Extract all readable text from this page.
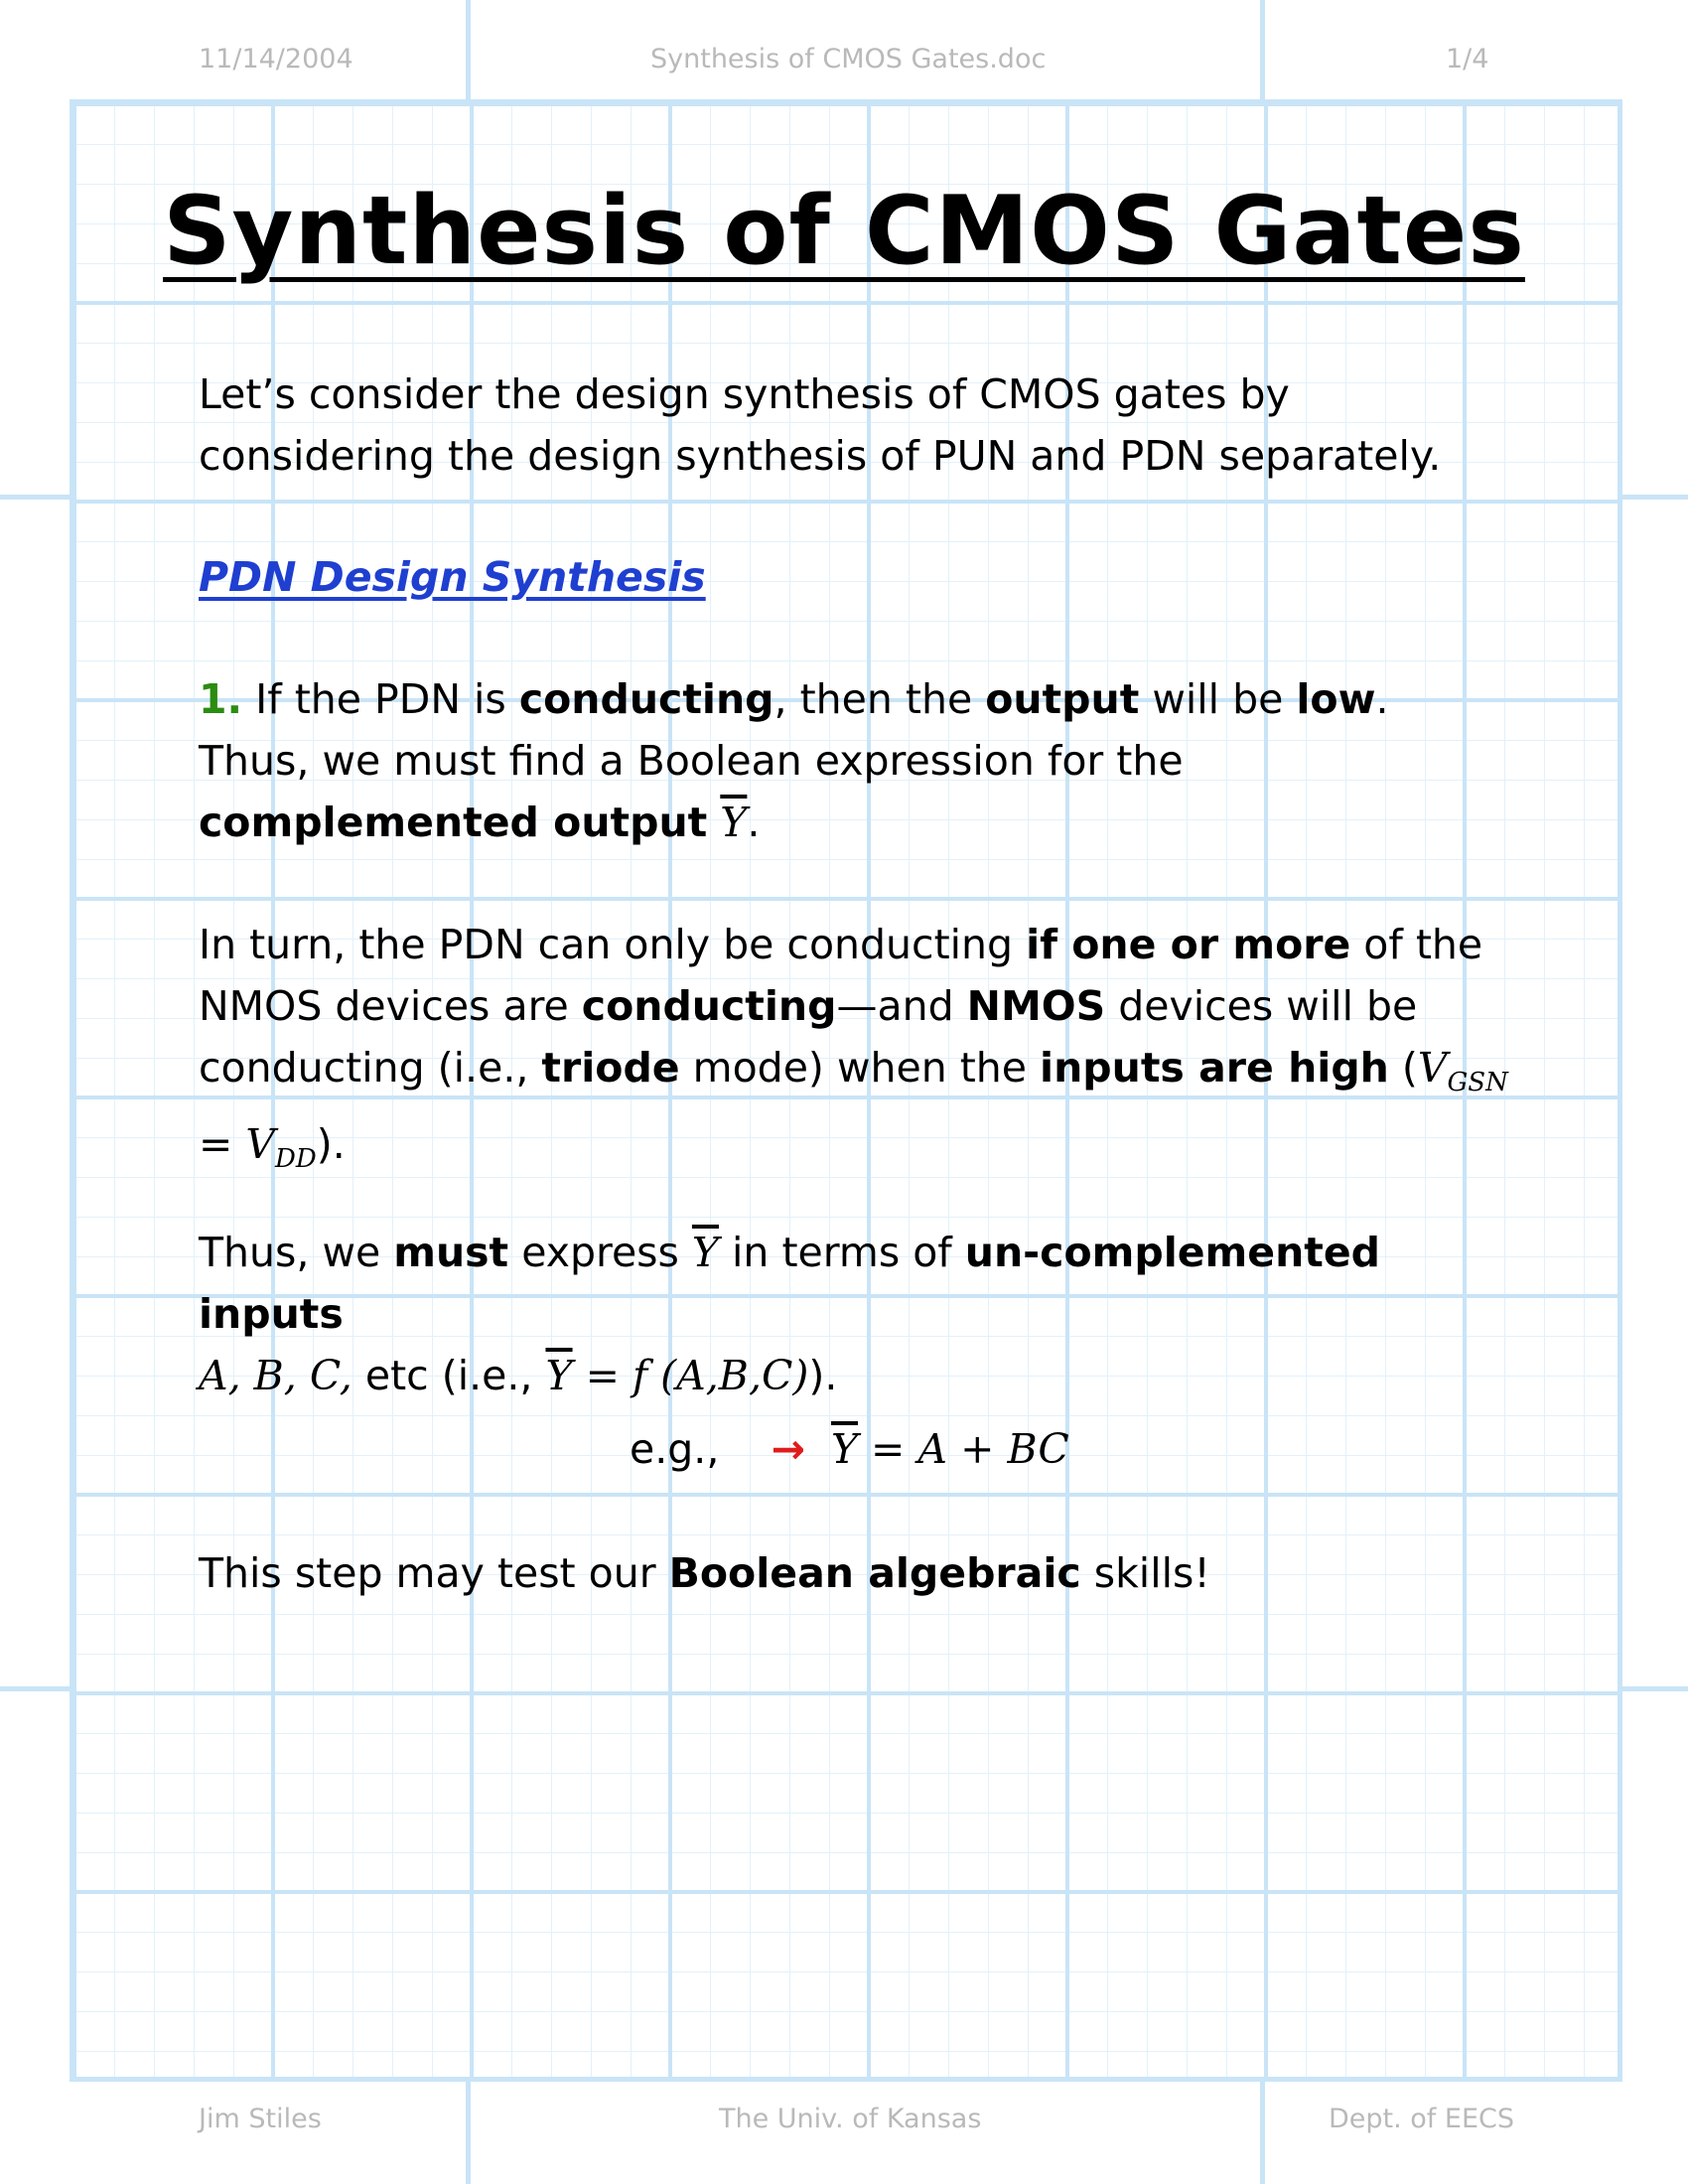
11/14/2004	Synthesis of CMOS Gates.doc	1/4
Synthesis of CMOS Gates
Let’s consider the design synthesis of CMOS gates by
considering the design synthesis of PUN and PDN separately.
PDN Design Synthesis
1. If the PDN is conducting, then the output will be low.
Thus, we must find a Boolean expression for the
complemented output $\overline{Y}$.
In turn, the PDN can only be conducting if one or more of the
NMOS devices are conducting—and NMOS devices will be
conducting (i.e., triode mode) when the inputs are high ($V_{GSN}$
= $V_{DD}$).
Thus, we must express $\overline{Y}$ in terms of un-complemented inputs
A, B, C, etc (i.e., $\overline{Y} = f$ (A,B,C)).
e.g., → $\overline{Y} = A$ + BC
This step may test our Boolean algebraic skills!
Jim Stiles	The Univ. of Kansas	Dept. of EECS
